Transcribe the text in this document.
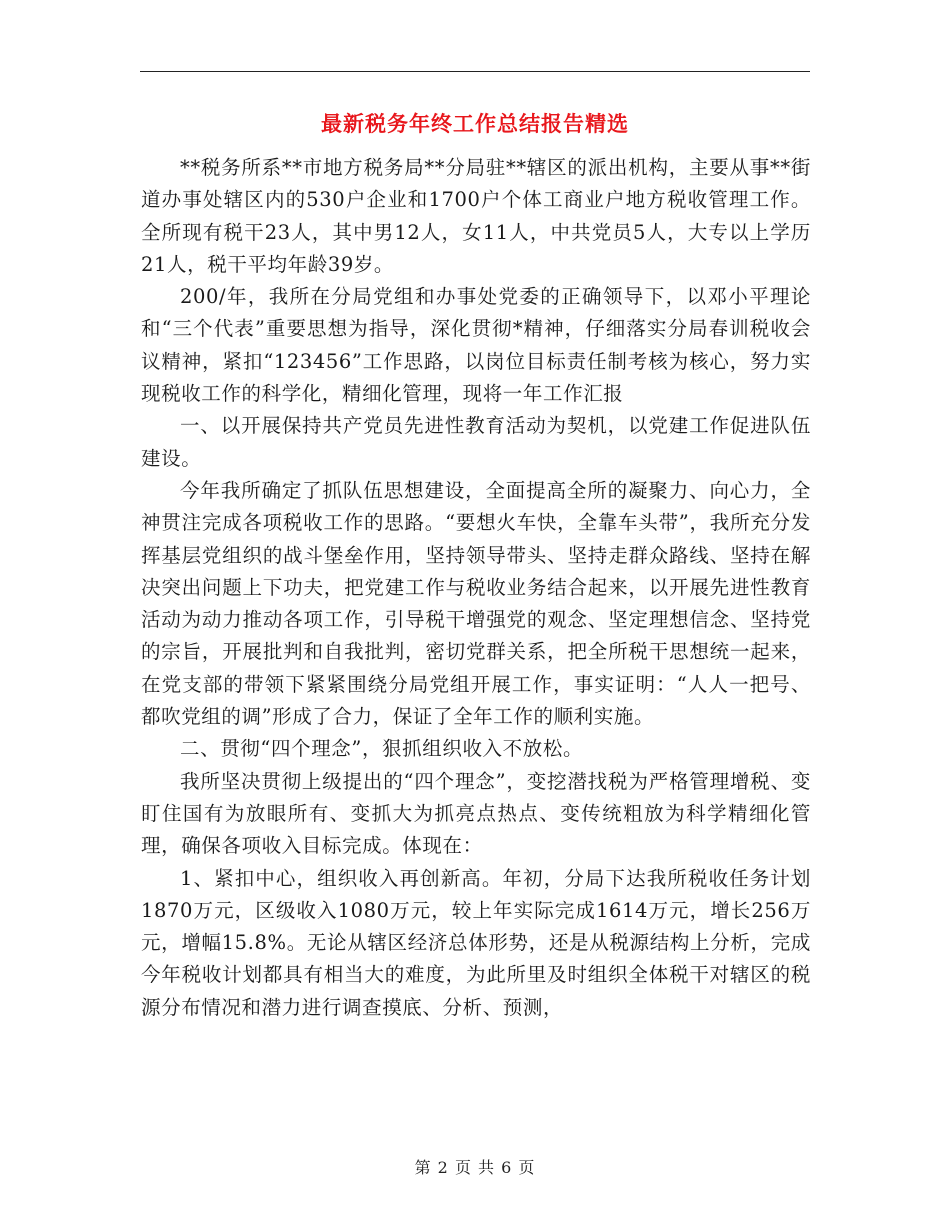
最新税务年终工作总结报告精选

**税务所系**市地方税务局**分局驻**辖区的派出机构，主要从事**街道办事处辖区内的530户企业和1700户个体工商业户地方税收管理工作。全所现有税干23人，其中男12人，女11人，中共党员5人，大专以上学历21人，税干平均年龄39岁。

200/年，我所在分局党组和办事处党委的正确领导下，以邓小平理论和“三个代表”重要思想为指导，深化贯彻*精神，仔细落实分局春训税收会议精神，紧扣“123456”工作思路，以岗位目标责任制考核为核心，努力实现税收工作的科学化，精细化管理，现将一年工作汇报

一、以开展保持共产党员先进性教育活动为契机，以党建工作促进队伍建设。

今年我所确定了抓队伍思想建设，全面提高全所的凝聚力、向心力，全神贯注完成各项税收工作的思路。“要想火车快，全靠车头带”，我所充分发挥基层党组织的战斗堡垒作用，坚持领导带头、坚持走群众路线、坚持在解决突出问题上下功夫，把党建工作与税收业务结合起来，以开展先进性教育活动为动力推动各项工作，引导税干增强党的观念、坚定理想信念、坚持党的宗旨，开展批判和自我批判，密切党群关系，把全所税干思想统一起来，在党支部的带领下紧紧围绕分局党组开展工作，事实证明：“人人一把号、都吹党组的调”形成了合力，保证了全年工作的顺利实施。

二、贯彻“四个理念”，狠抓组织收入不放松。

我所坚决贯彻上级提出的“四个理念”，变挖潜找税为严格管理增税、变盯住国有为放眼所有、变抓大为抓亮点热点、变传统粗放为科学精细化管理，确保各项收入目标完成。体现在：

1、紧扣中心，组织收入再创新高。年初，分局下达我所税收任务计划1870万元，区级收入1080万元，较上年实际完成1614万元，增长256万元，增幅15.8%。无论从辖区经济总体形势，还是从税源结构上分析，完成今年税收计划都具有相当大的难度，为此所里及时组织全体税干对辖区的税源分布情况和潜力进行调查摸底、分析、预测，

第 2 页 共 6 页
